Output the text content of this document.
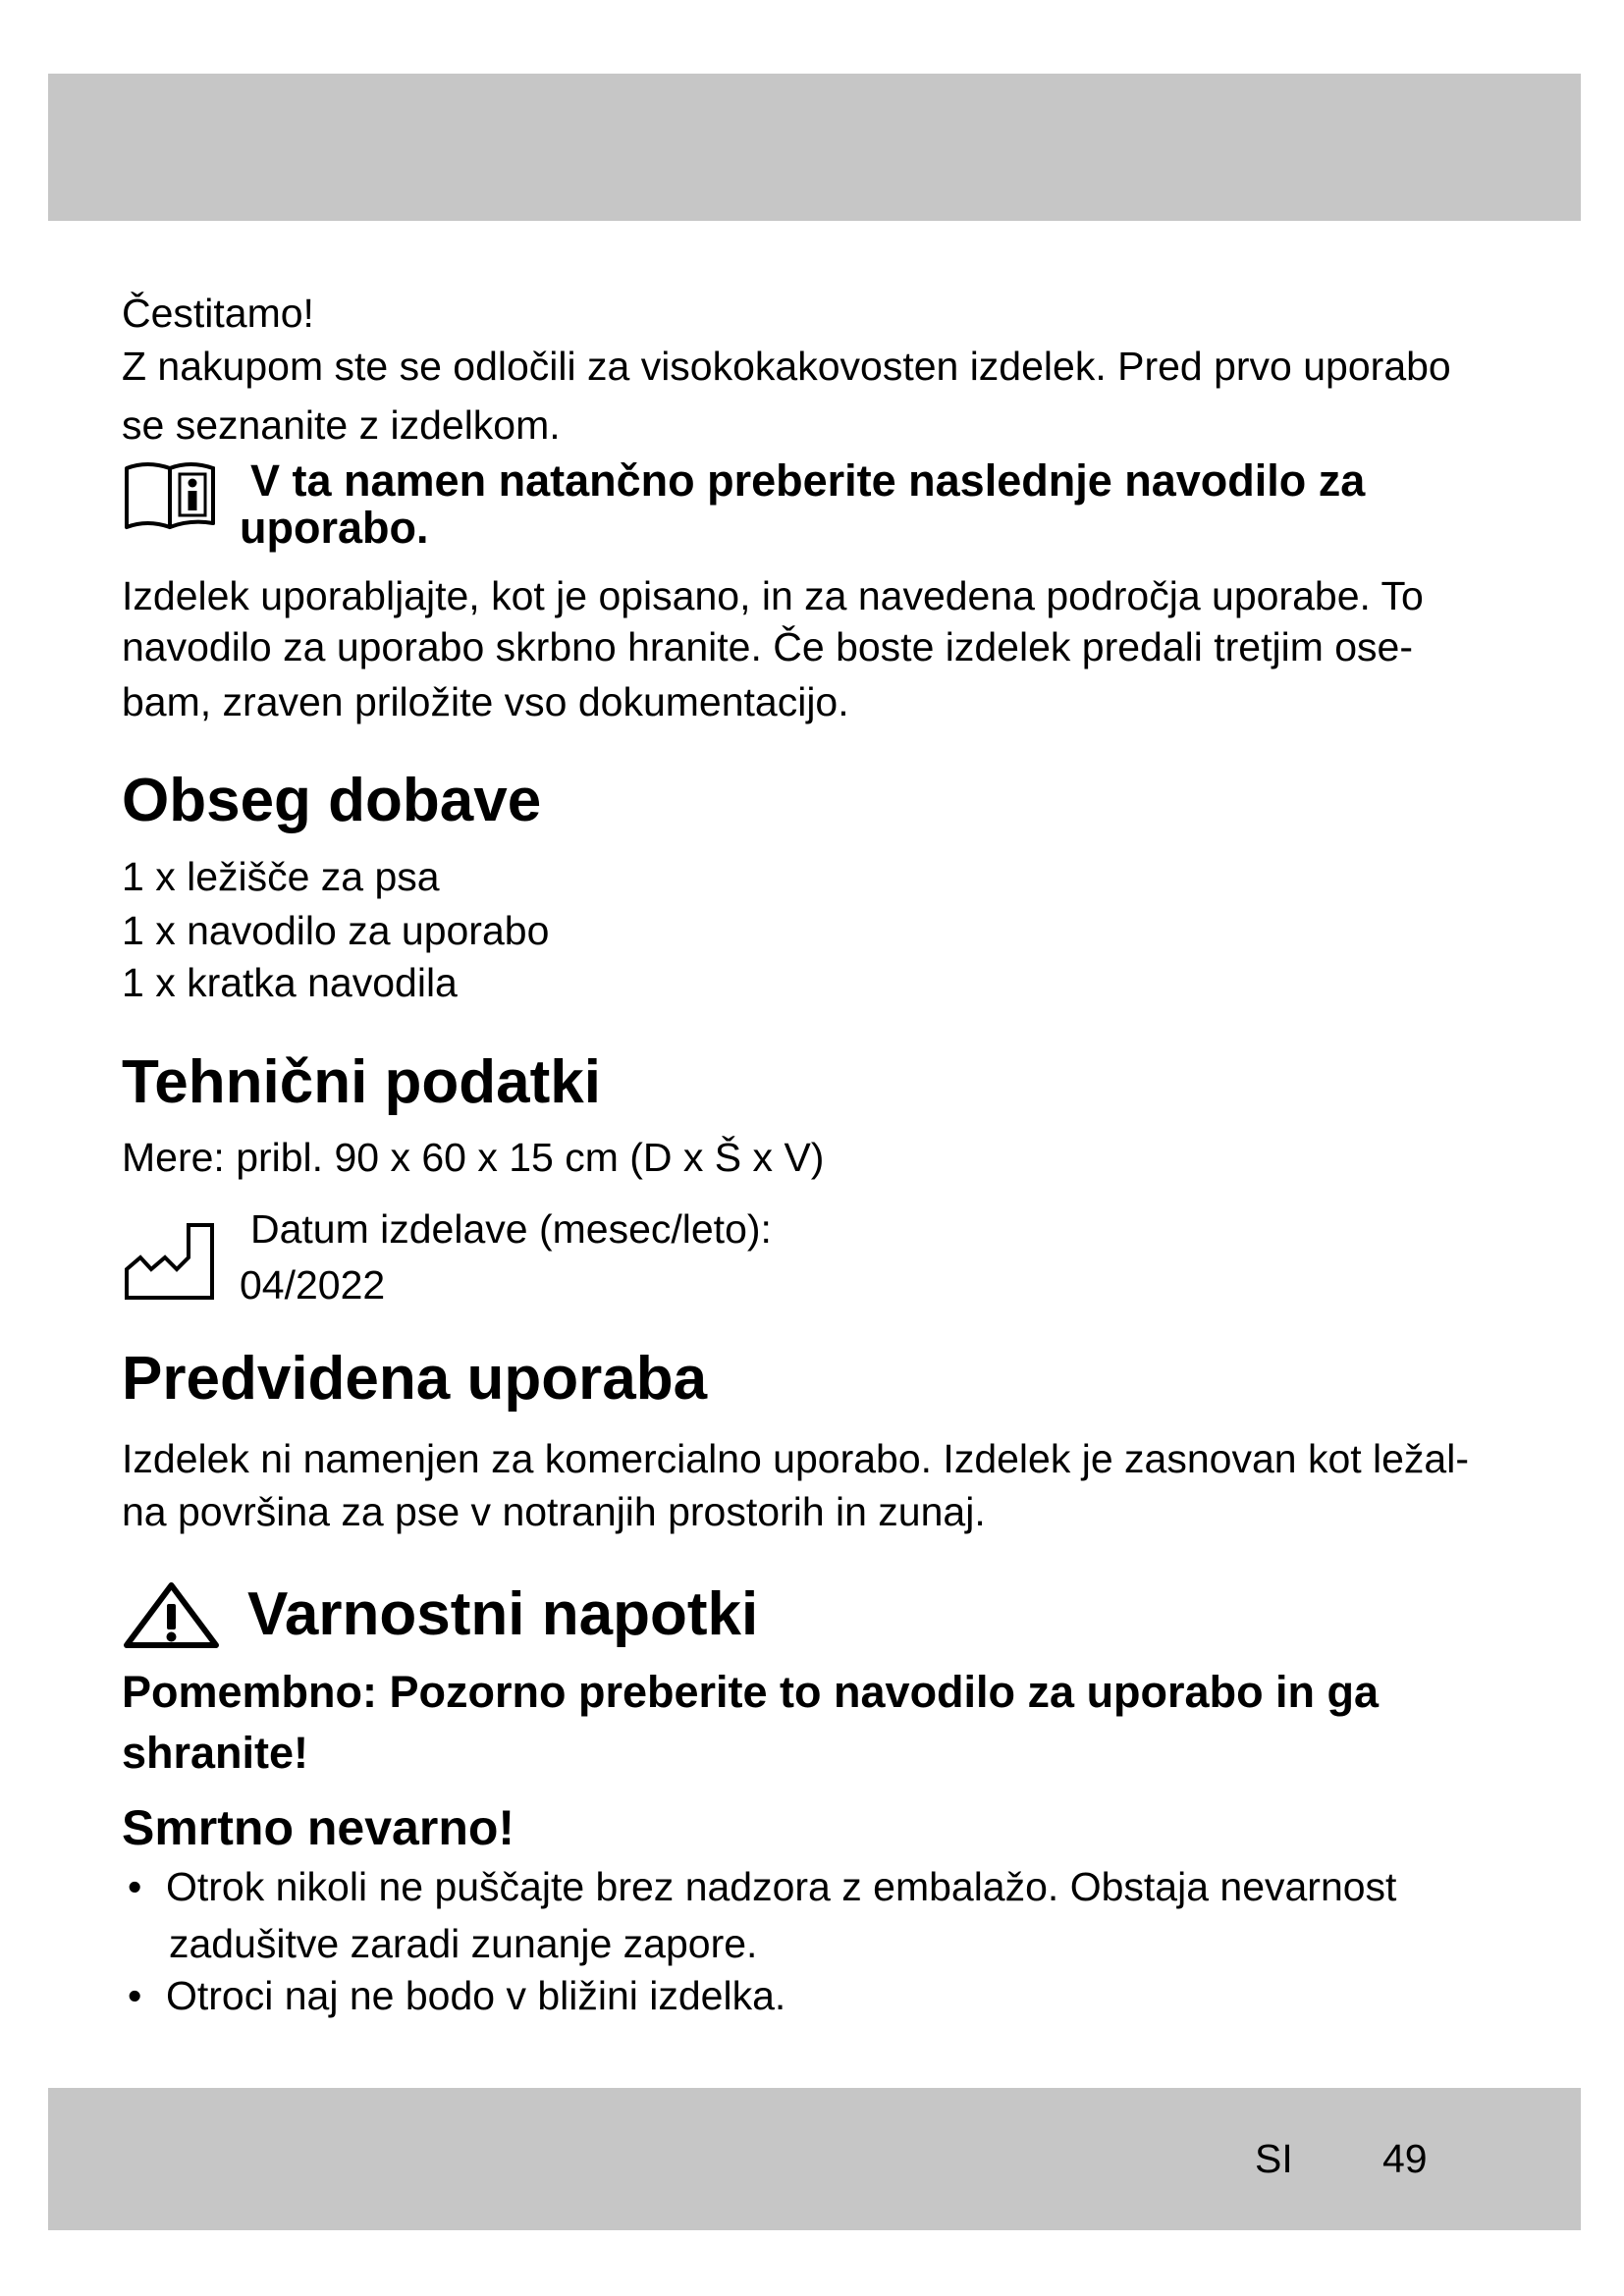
Čestitamo!
Z nakupom ste se odločili za visokokakovosten izdelek. Pred prvo uporabo
se seznanite z izdelkom.
V ta namen natančno preberite naslednje navodilo za
uporabo.
Izdelek uporabljajte, kot je opisano, in za navedena področja uporabe. To
navodilo za uporabo skrbno hranite. Če boste izdelek predali tretjim ose-
bam, zraven priložite vso dokumentacijo.
Obseg dobave
1 x ležišče za psa
1 x navodilo za uporabo
1 x kratka navodila
Tehnični podatki
Mere: pribl. 90 x 60 x 15 cm (D x Š x V)
Datum izdelave (mesec/leto):
04/2022
Predvidena uporaba
Izdelek ni namenjen za komercialno uporabo. Izdelek je zasnovan kot ležal-
na površina za pse v notranjih prostorih in zunaj.
Varnostni napotki
Pomembno: Pozorno preberite to navodilo za uporabo in ga
shranite!
Smrtno nevarno!
• Otrok nikoli ne puščajte brez nadzora z embalažo. Obstaja nevarnost
zadušitve zaradi zunanje zapore.
• Otroci naj ne bodo v bližini izdelka.
SI 49
